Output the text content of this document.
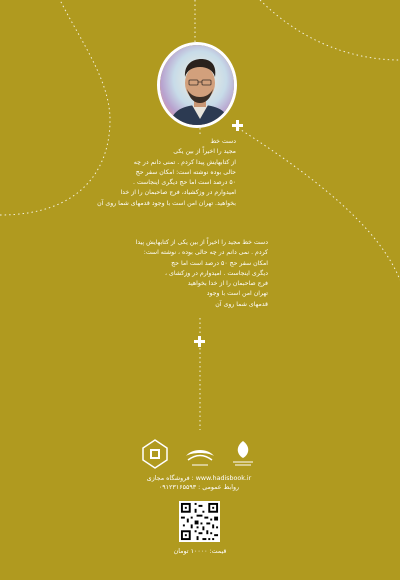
دست خط
مجید را اخیراً از بین یکی
از کتابهایش پیدا کردم . تمنی دانم در چه
حالی بوده نوشته است: امکان سفر حج
۵۰ درصد است اما حج دیگری اینجاست .
امیدوارم در وزکشیاد، فرج صاحبمان را از خدا
بخواهید. تهران امن است با وجود قدمهای شما روی آن
دست خط مجید را اخیراً از بین یکی از کتابهایش پیدا
کردم . نمی دانم در چه حالی بوده ، نوشته است:
امکان سفر حج ۵۰ درصد است اما حج
دیگری اینجاست . امیدوارم در وزکشای ،
فرج صاحبمان را از خدا بخواهید
تهران امن است با وجود
قدمهای شما روی آن
www.hadisbook.ir : فروشگاه مجازی
روابط عمومی : ۰۹۱۲۳۱۶۵۵۹۳
قیمت: ۱۰۰۰۰ تومان
